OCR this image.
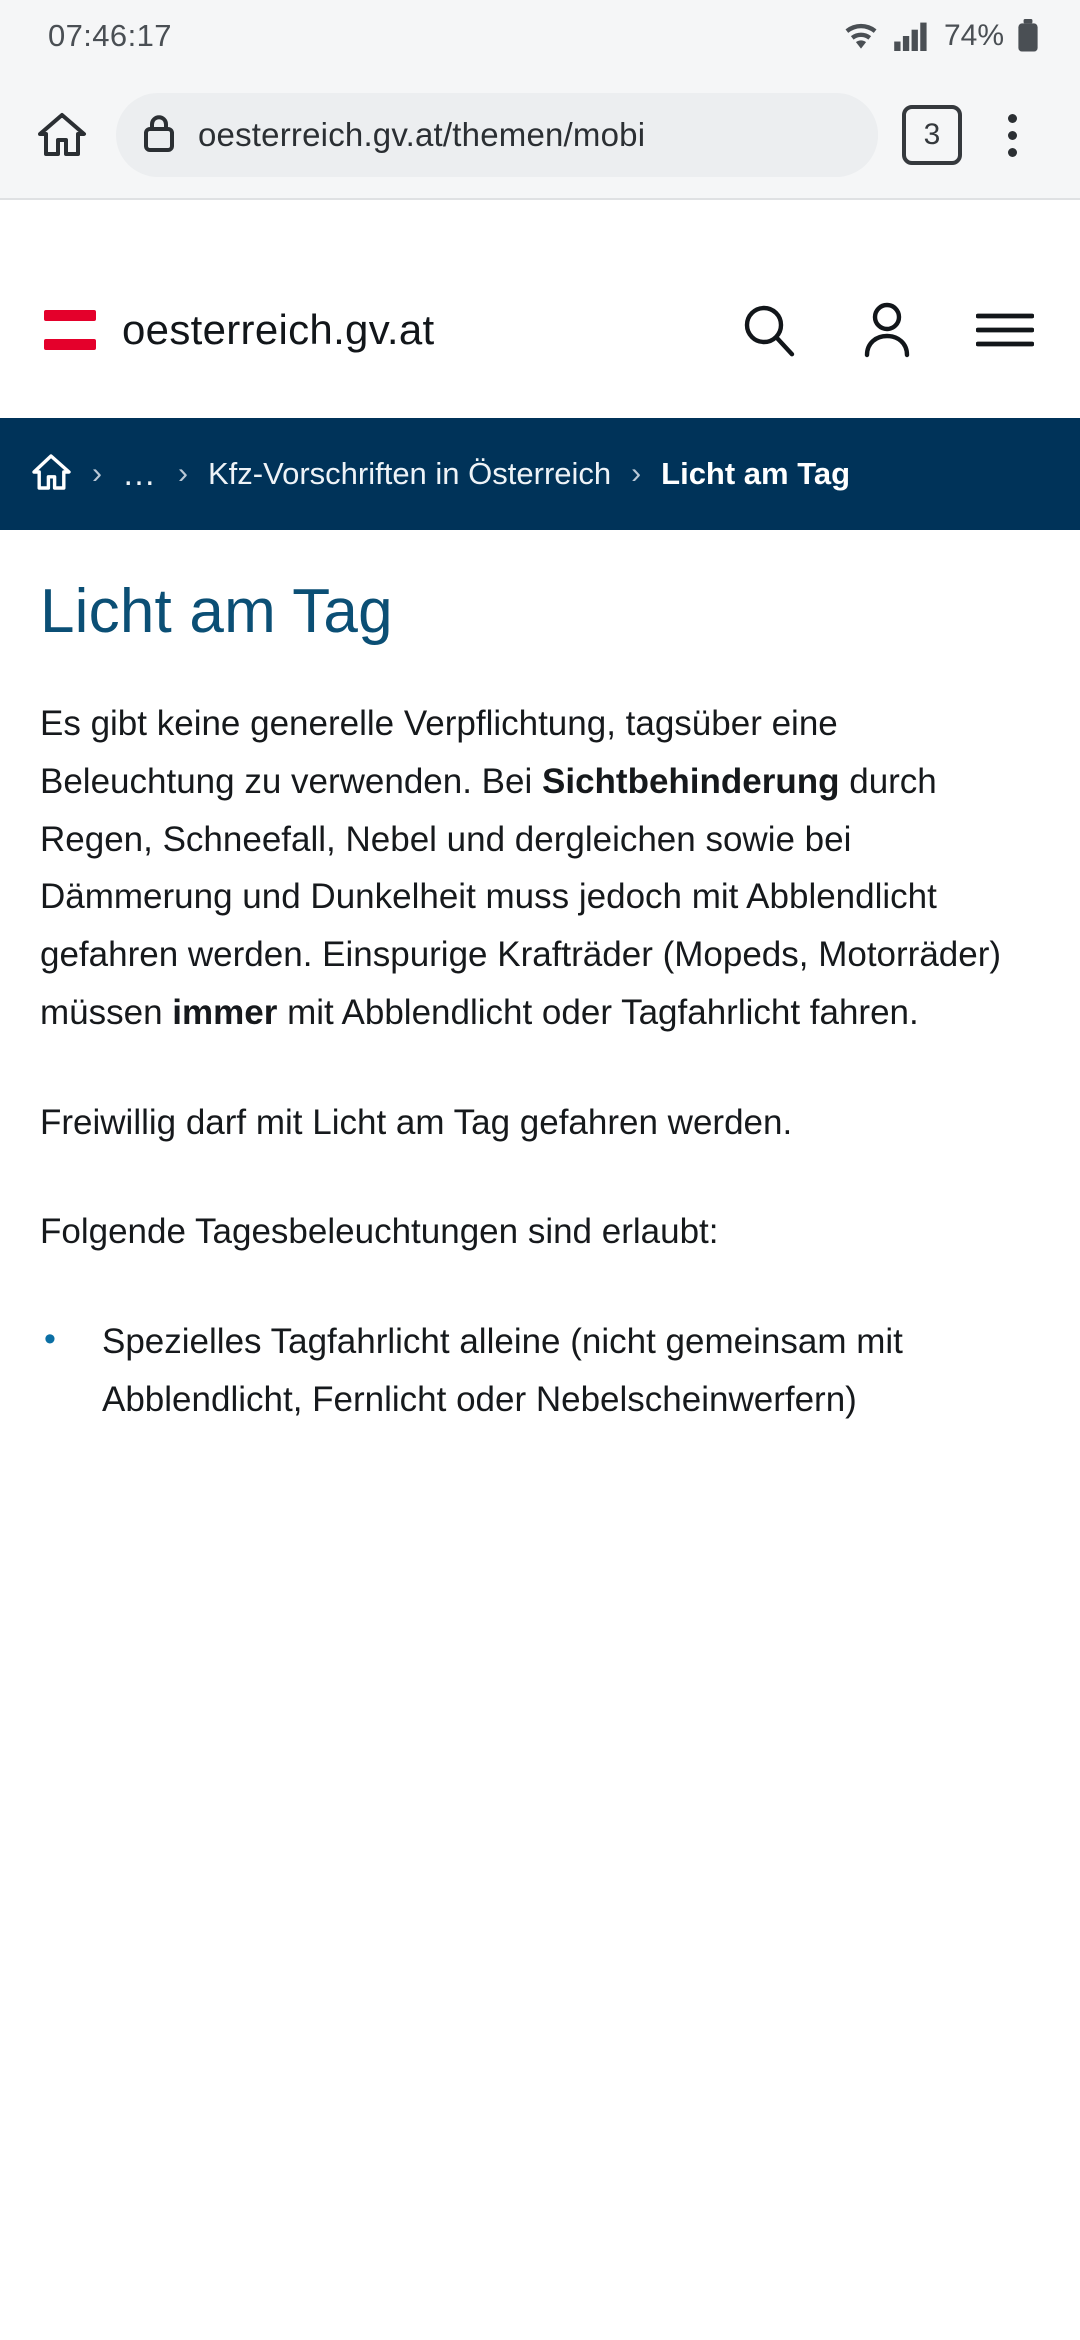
07:46:17	74%
oesterreich.gv.at/themen/mobi	3
oesterreich.gv.at
› … › Kfz-Vorschriften in Österreich › Licht am Tag
Licht am Tag

Es gibt keine generelle Verpflichtung, tagsüber eine Beleuchtung zu verwenden. Bei Sichtbehinderung durch Regen, Schneefall, Nebel und dergleichen sowie bei Dämmerung und Dunkelheit muss jedoch mit Abblendlicht gefahren werden. Einspurige Krafträder (Mopeds, Motorräder) müssen immer mit Abblendlicht oder Tagfahrlicht fahren.

Freiwillig darf mit Licht am Tag gefahren werden.

Folgende Tagesbeleuchtungen sind erlaubt:

• Spezielles Tagfahrlicht alleine (nicht gemeinsam mit Abblendlicht, Fernlicht oder Nebelscheinwerfern)
